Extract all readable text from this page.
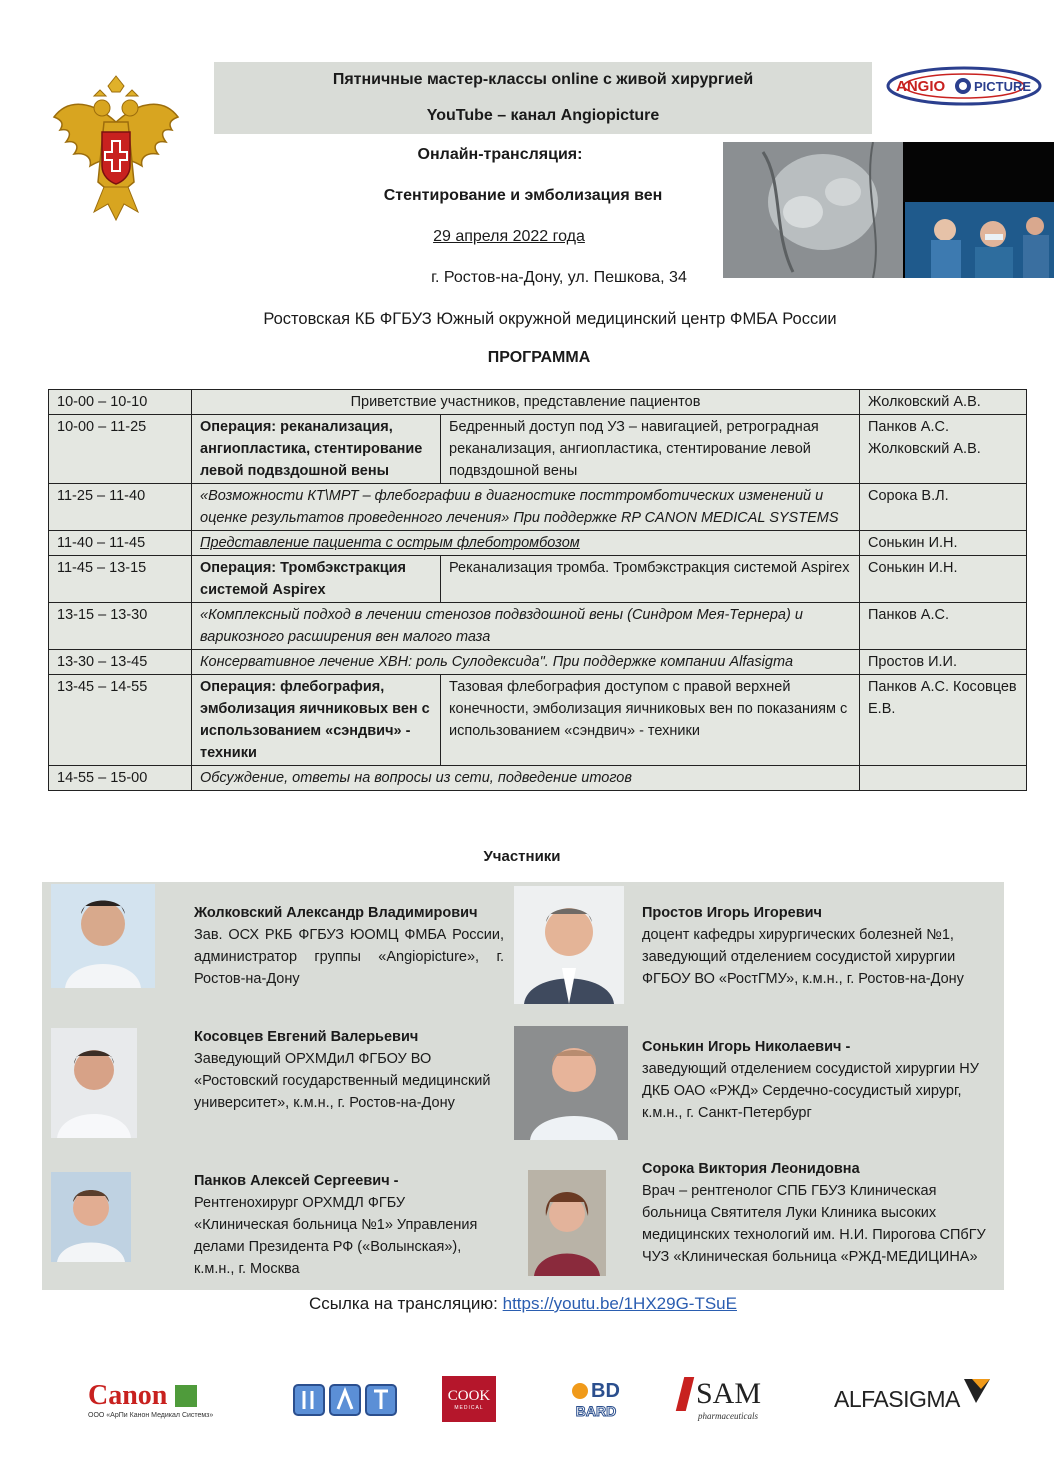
Пятничные мастер-классы online с живой хирургией
YouTube – канал Angiopicture
ANGIO PICTURE
Онлайн-трансляция:
Стентирование и эмболизация вен
29 апреля 2022 года
г. Ростов-на-Дону, ул. Пешкова, 34
Ростовская КБ ФГБУЗ Южный окружной медицинский центр ФМБА России
ПРОГРАММА
10-00 – 10-10	Приветствие участников, представление пациентов		Жолковский А.В.
10-00 – 11-25	Операция: реканализация, ангиопластика, стентирование левой подвздошной вены	Бедренный доступ под УЗ – навигацией, ретроградная реканализация, ангиопластика, стентирование левой подвздошной вены	Панков А.С. Жолковский А.В.
11-25 – 11-40	«Возможности КТ\МРТ – флебографии в диагностике посттромботических изменений и оценке результатов проведенного лечения» При поддержке RP CANON MEDICAL SYSTEMS		Сорока В.Л.
11-40 – 11-45	Представление пациента с острым флеботромбозом		Сонькин И.Н.
11-45 – 13-15	Операция: Тромбэкстракция системой Aspirex	Реканализация тромба. Тромбэкстракция системой Aspirex	Сонькин И.Н.
13-15 – 13-30	«Комплексный подход в лечении стенозов подвздошной вены (Синдром Мея-Тернера) и варикозного расширения вен малого таза		Панков А.С.
13-30 – 13-45	Консервативное лечение ХВН: роль Сулодексида". При поддержке компании Alfasigma		Простов И.И.
13-45 – 14-55	Операция: флебография, эмболизация яичниковых вен с использованием «сэндвич» - техники	Тазовая флебография доступом с правой верхней конечности, эмболизация яичниковых вен по показаниям с использованием «сэндвич» - техники	Панков А.С. Косовцев Е.В.
14-55 – 15-00	Обсуждение, ответы на вопросы из сети, подведение итогов		
Участники
Жолковский Александр Владимирович
Зав. ОСХ РКБ ФГБУЗ ЮОМЦ ФМБА России, администратор группы «Angiopicture», г. Ростов-на-Дону
Простов Игорь Игоревич
доцент кафедры хирургических болезней №1, заведующий отделением сосудистой хирургии ФГБОУ ВО «РостГМУ», к.м.н., г. Ростов-на-Дону
Косовцев Евгений Валерьевич
Заведующий ОРХМДиЛ ФГБОУ ВО «Ростовский государственный медицинский университет», к.м.н., г. Ростов-на-Дону
Сонькин Игорь Николаевич -
заведующий отделением сосудистой хирургии НУ ДКБ ОАО «РЖД» Сердечно-сосудистый хирург, к.м.н., г. Санкт-Петербург
Панков Алексей Сергеевич -
Рентгенохирург ОРХМДЛ ФГБУ «Клиническая больница №1» Управления делами Президента РФ («Волынская»), к.м.н., г. Москва
Сорока Виктория Леонидовна
Врач – рентгенолог СПБ ГБУЗ Клиническая больница Святителя Луки Клиника высоких медицинских технологий им. Н.И. Пирогова СПбГУ ЧУЗ «Клиническая больница «РЖД-МЕДИЦИНА»
Ссылка на трансляцию: https://youtu.be/1HX29G-TSuE
Canon
ООО «АрПи Канон Медикал Системз»
COOK
MEDICAL
BD
BARD
SAM
pharmaceuticals
ALFASIGMA
